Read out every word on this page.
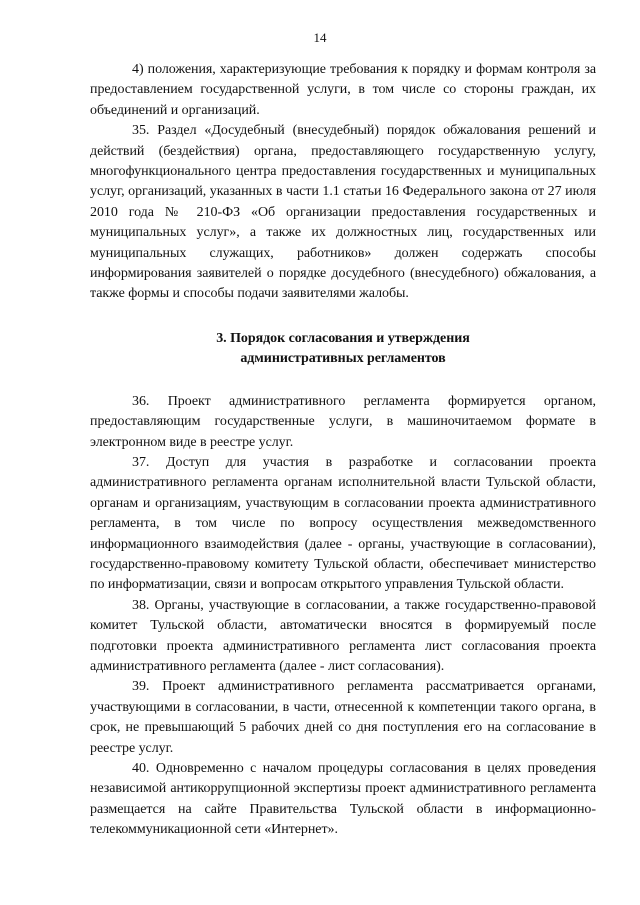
14

4) положения, характеризующие требования к порядку и формам контроля за предоставлением государственной услуги, в том числе со стороны граждан, их объединений и организаций.

35. Раздел «Досудебный (внесудебный) порядок обжалования решений и действий (бездействия) органа, предоставляющего государственную услугу, многофункционального центра предоставления государственных и муниципальных услуг, организаций, указанных в части 1.1 статьи 16 Федерального закона от 27 июля 2010 года № 210-ФЗ «Об организации предоставления государственных и муниципальных услуг», а также их должностных лиц, государственных или муниципальных служащих, работников» должен содержать способы информирования заявителей о порядке досудебного (внесудебного) обжалования, а также формы и способы подачи заявителями жалобы.

3. Порядок согласования и утверждения
административных регламентов

36. Проект административного регламента формируется органом, предоставляющим государственные услуги, в машиночитаемом формате в электронном виде в реестре услуг.

37. Доступ для участия в разработке и согласовании проекта административного регламента органам исполнительной власти Тульской области, органам и организациям, участвующим в согласовании проекта административного регламента, в том числе по вопросу осуществления межведомственного информационного взаимодействия (далее - органы, участвующие в согласовании), государственно-правовому комитету Тульской области, обеспечивает министерство по информатизации, связи и вопросам открытого управления Тульской области.

38. Органы, участвующие в согласовании, а также государственно-правовой комитет Тульской области, автоматически вносятся в формируемый после подготовки проекта административного регламента лист согласования проекта административного регламента (далее - лист согласования).

39. Проект административного регламента рассматривается органами, участвующими в согласовании, в части, отнесенной к компетенции такого органа, в срок, не превышающий 5 рабочих дней со дня поступления его на согласование в реестре услуг.

40. Одновременно с началом процедуры согласования в целях проведения независимой антикоррупционной экспертизы проект административного регламента размещается на сайте Правительства Тульской области в информационно-телекоммуникационной сети «Интернет».
